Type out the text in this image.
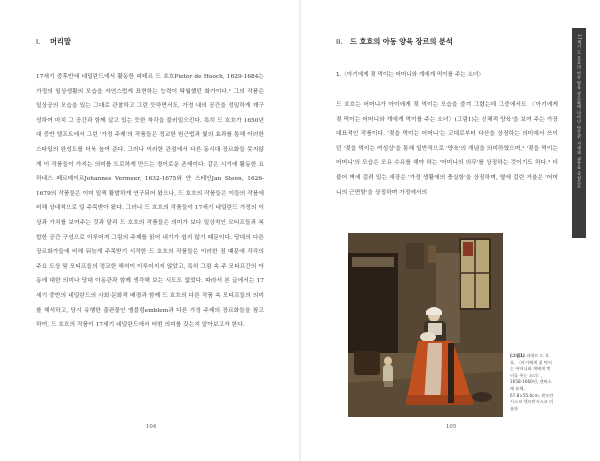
I. 머리말

17세기 중후반에 네덜란드에서 활동한 피테르 드 호흐Pieter de Hooch, 1629-1684는 가정의 일상생활의 모습을 자연스럽게 표현하는 능력이 탁월했던 화가이다.¹ 그의 작품은 일상공의 모습을 있는 그대로 관찰하고 그린 듯하면서도, 가정 내의 공간을 정밀하게 재구성하여 마치 그 공간과 함께 살고 있는 듯한 착각을 불러일으킨다. 특히 드 호흐가 1650년대 중반 델프트에서 그린 '가정 주제'의 작품들은 정교한 원근법과 빛의 효과를 통해 이러한 스타일의 완성도를 더욱 높여 준다. 그러나 이러한 관점에서 다른 동시대 장르화들 못지않게 이 작품들이 가지는 의미를 도로하게 만드는 경이로운 존재이다. 같은 시기에 활동한 요하네스 페르메이르Johannes Vermeer, 1632-1675와 얀 스테인Jan Steen, 1626-1679의 작품들은 이미 일찍 활발하게 연구되어 왔으나, 드 호흐의 작품들은 이들의 작품에 비해 상대적으로 덜 주목받아 왔다. 그러나 드 호흐의 작품들이 17세기 네덜란드 가정의 이상과 가치를 보여주는 것과 달리 드 호흐의 작품들은 의미가 보다 일상적인 모티프들과 복합한 공간 구성으로 이루어져 그림의 주제를 읽어 내기가 쉽지 않기 때문이다. 당대의 다른 장르화가들에 비해 뒤늦게 주목받기 시작한 드 호흐의 작품들은 이러한 점 때문에 각각의 주요 도상 및 모티프들의 정교한 해석이 이루어지지 않았고, 특히 그림 속 주 모티프간의 아동에 대한 의미나 당대 아동관과 함께 생각해 보는 시도도 없었다. 따라서 본 글에서는 17세기 중반의 네덜란드의 사회·문화적 배경과 함께 드 호흐의 다른 작품 속 모티프들의 의미를 해석하고, 당시 유행한 출판물인 엠블럼emblem과 다른 가정 주제의 장르화들을 참고하여, 드 호흐의 작품이 17세기 네덜란드에서 어떤 의미를 갖는지 알아보고자 한다.

104
II. 드 호흐의 아동 양육 장르의 분석
1.〈아기에게 젖 먹이는 어머니와 개에게 먹이를 주는 소녀〉

드 호흐는 어머니가 아이에게 젖 먹이는 모습을 즐겨 그렸는데 그중에서도 〈아기에게 젖 먹이는 어머니와 개에게 먹이를 주는 소녀〉(그림1)는 신체적 양육'을 보여 주는 가장 대표적인 작품이다. '젖을 먹이는 어머니'는 고대로부터 다산을 상징하는 의미에서 쓰이던 '젖을 먹이는 여성상'을 통해 일반적으로 '양육'의 개념을 의미하였으며,² '젖을 먹이는 어머니'의 모습은 모유 수유를 해야 하는 '어머니의 의무'를 상징하는 것이기도 하다.³ 더불어 벽에 걸려 있는 새장은 '가정 생활에의 충실함'을 상징하며, 옆에 걸린 거울은 '어머니의 근면함'을 상징하며 가정에서의

(그림1) 피테르 드 호흐, 〈아기에게 젖 먹이는 어머니와 개에게 먹이를 주는 소녀〉, 1658-1660년, 캔버스에 유채, 67.8×55.6cm, 샌프란시스코 샌프란시스코 미술관
17세기 드 호흐의 아동 양육 장르화에 나타난 아동관: 가정과 교육을 중심으로
105
